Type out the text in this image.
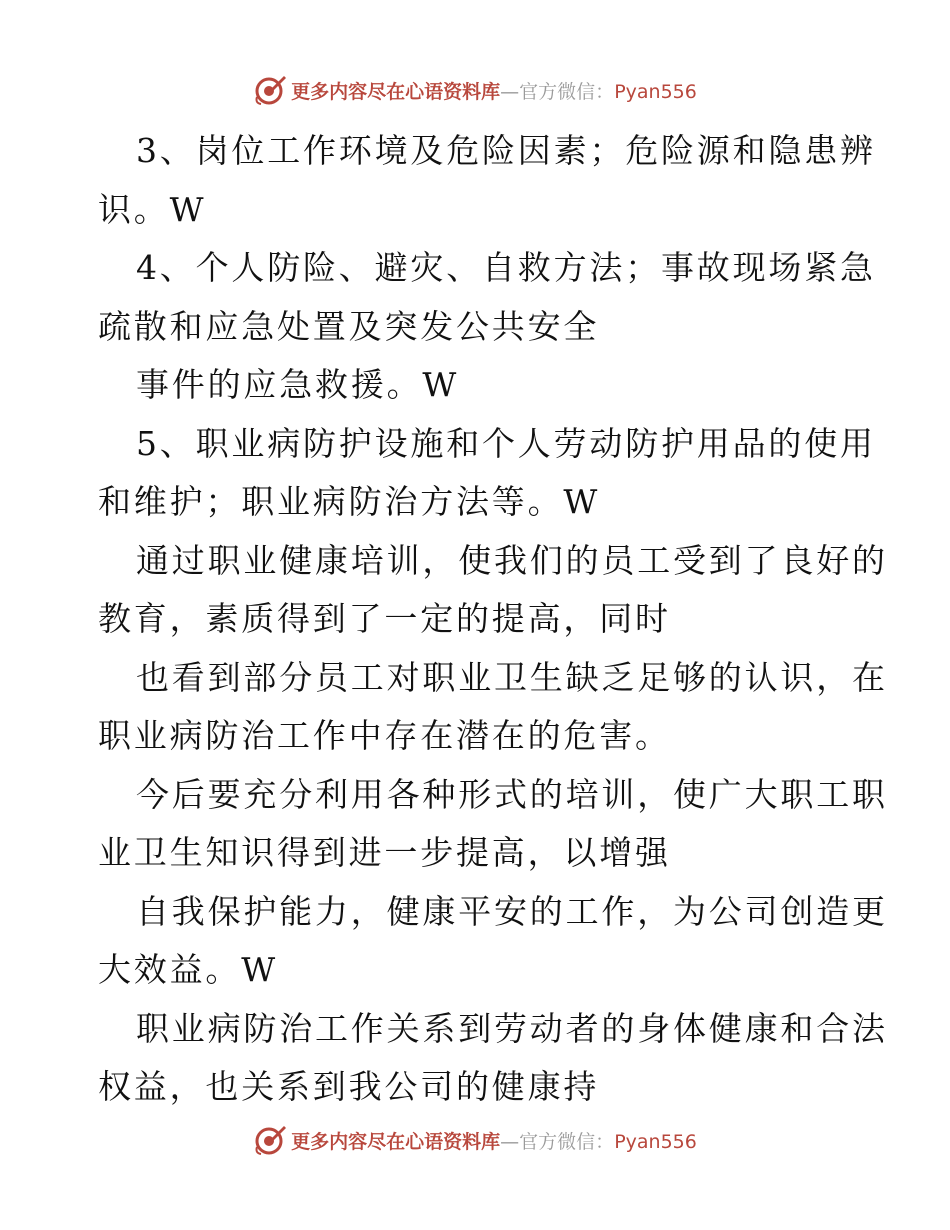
更多内容尽在心语资料库—官方微信：Pyan556
3、岗位工作环境及危险因素；危险源和隐患辨
识。W
4、个人防险、避灾、自救方法；事故现场紧急
疏散和应急处置及突发公共安全
事件的应急救援。W
5、职业病防护设施和个人劳动防护用品的使用
和维护；职业病防治方法等。W
通过职业健康培训，使我们的员工受到了良好的
教育，素质得到了一定的提高，同时
也看到部分员工对职业卫生缺乏足够的认识，在
职业病防治工作中存在潜在的危害。
今后要充分利用各种形式的培训，使广大职工职
业卫生知识得到进一步提高，以增强
自我保护能力，健康平安的工作，为公司创造更
大效益。W
职业病防治工作关系到劳动者的身体健康和合法
权益，也关系到我公司的健康持
更多内容尽在心语资料库—官方微信：Pyan556
